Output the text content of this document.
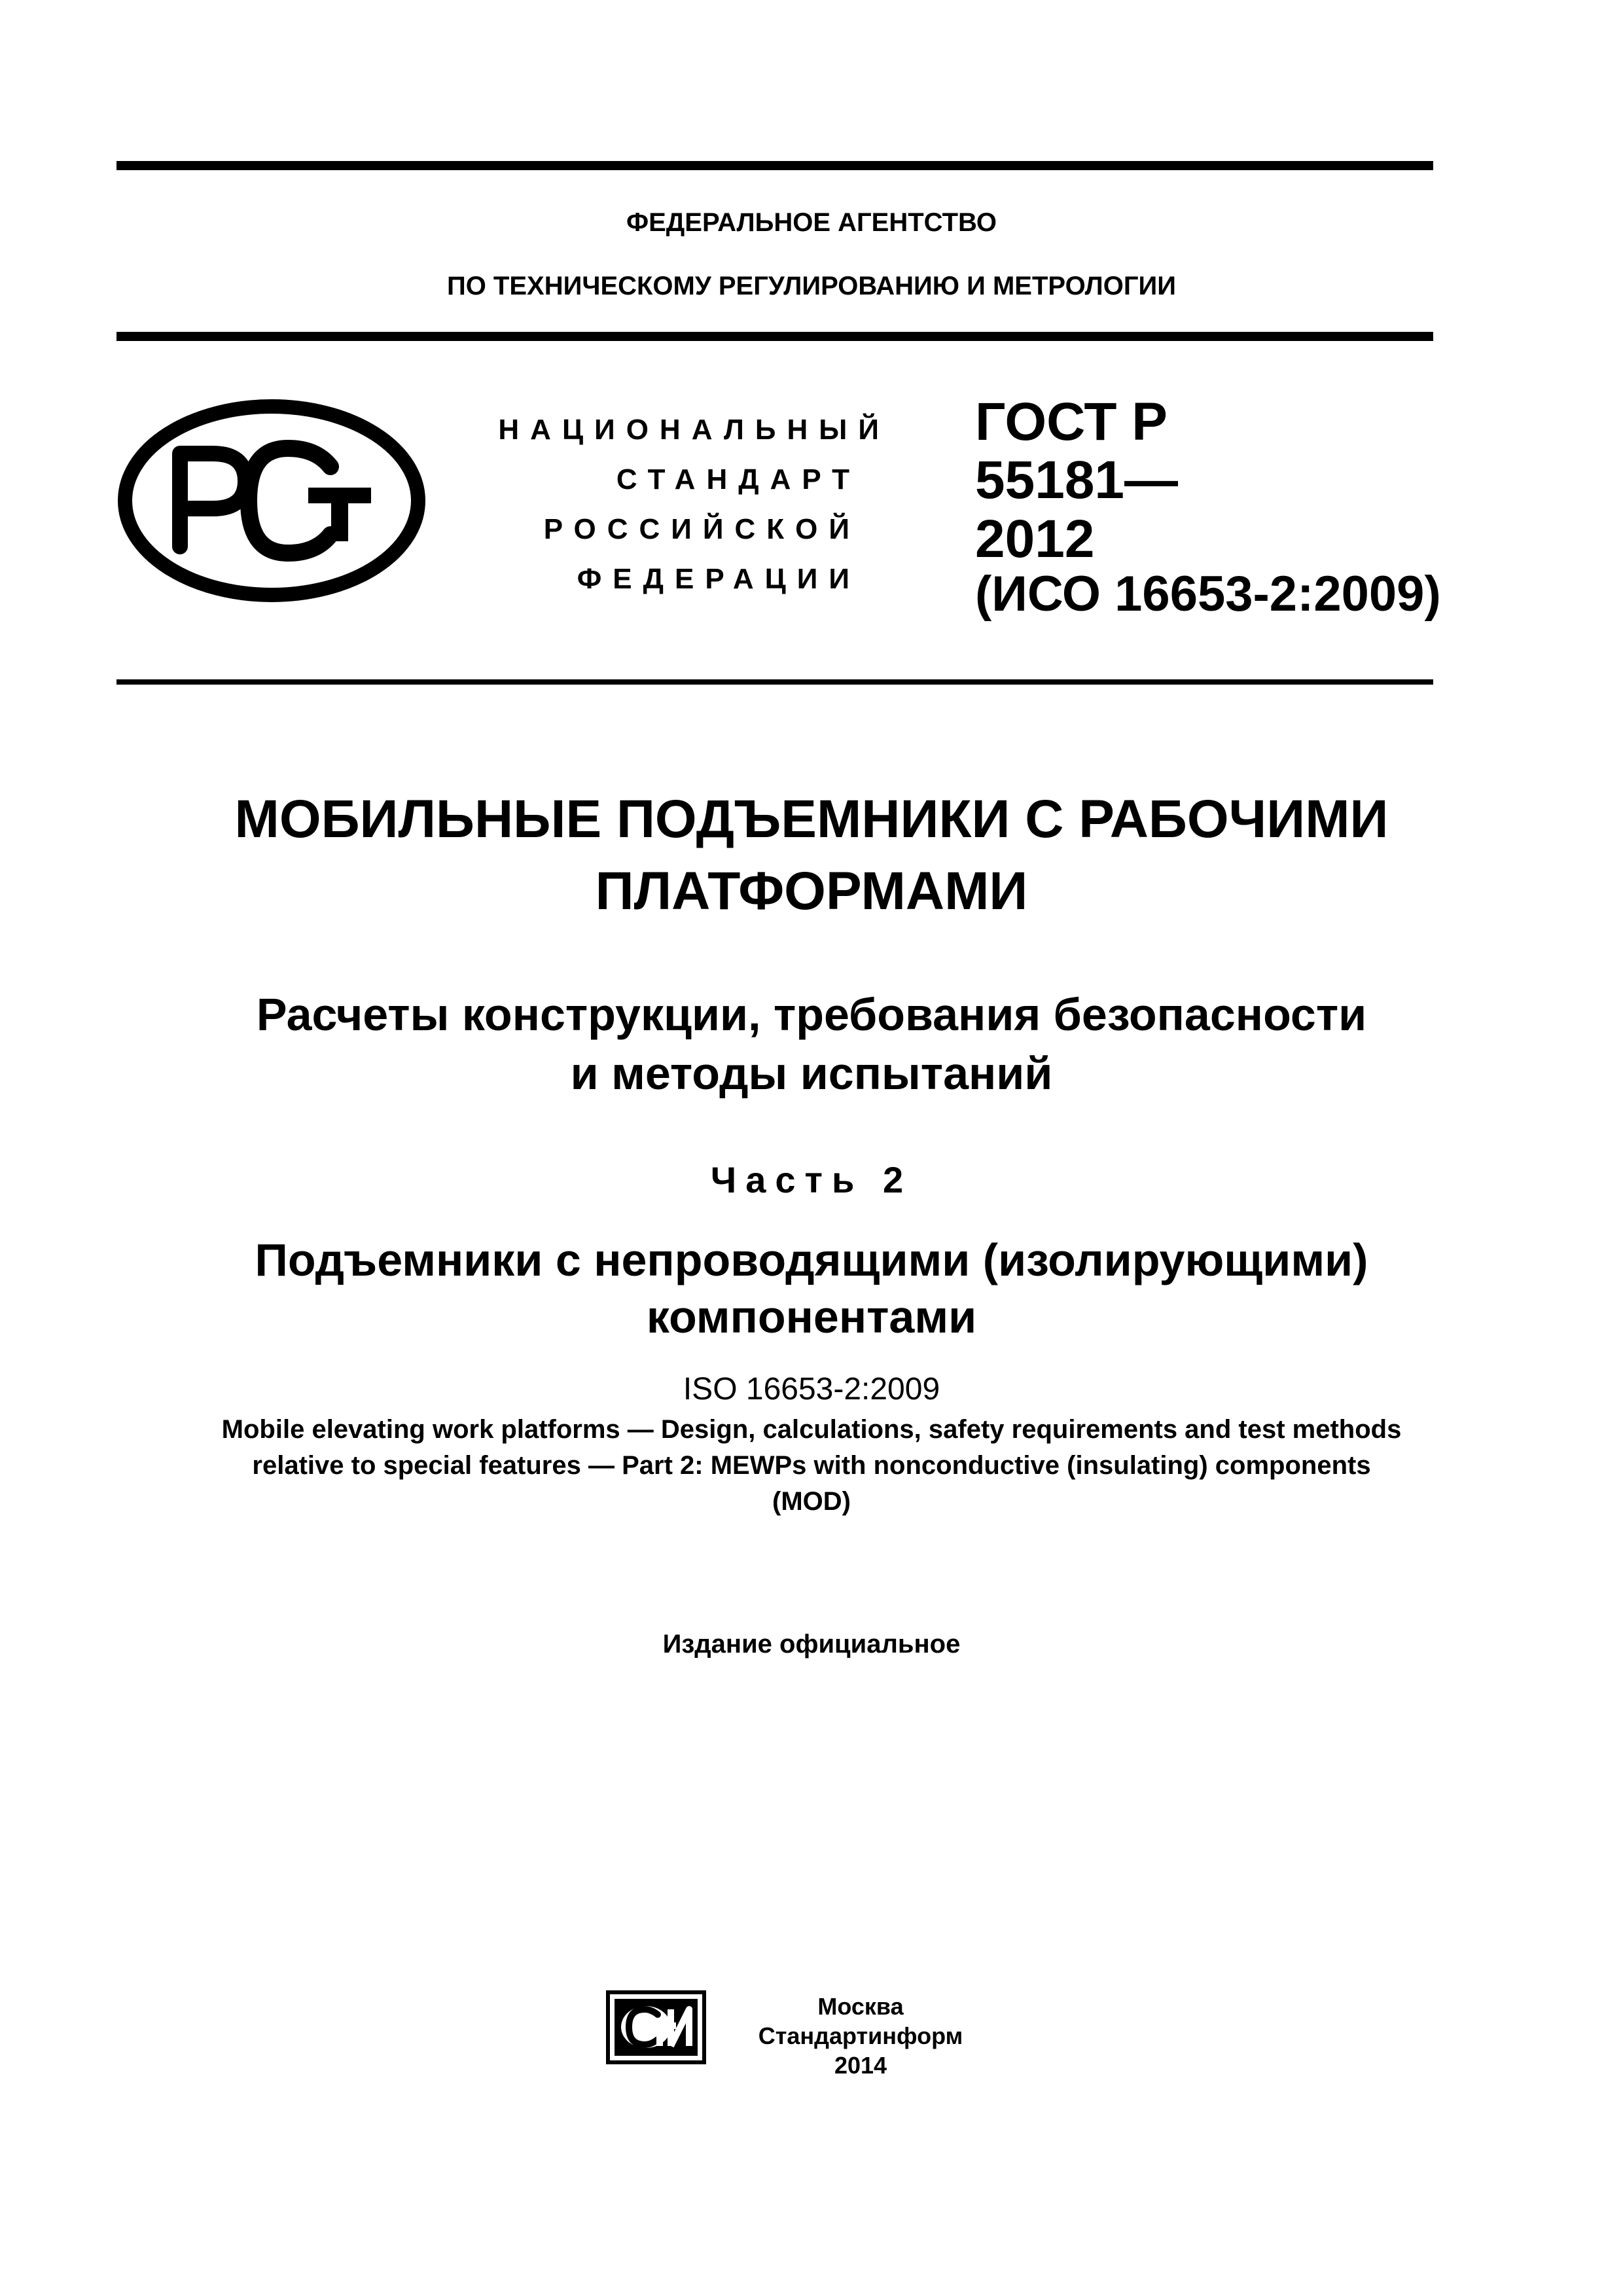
ФЕДЕРАЛЬНОЕ АГЕНТСТВО
ПО ТЕХНИЧЕСКОМУ РЕГУЛИРОВАНИЮ И МЕТРОЛОГИИ
НАЦИОНАЛЬНЫЙ
СТАНДАРТ
РОССИЙСКОЙ
ФЕДЕРАЦИИ
ГОСТ Р
55181—
2012
(ИСО 16653-2:2009)
МОБИЛЬНЫЕ ПОДЪЕМНИКИ С РАБОЧИМИ
ПЛАТФОРМАМИ
Расчеты конструкции, требования безопасности
и методы испытаний
Часть 2
Подъемники с непроводящими (изолирующими)
компонентами
ISO 16653-2:2009
Mobile elevating work platforms — Design, calculations, safety requirements and test methods
relative to special features — Part 2: MEWPs with nonconductive (insulating) components
(MOD)
Издание официальное
Москва
Стандартинформ
2014
